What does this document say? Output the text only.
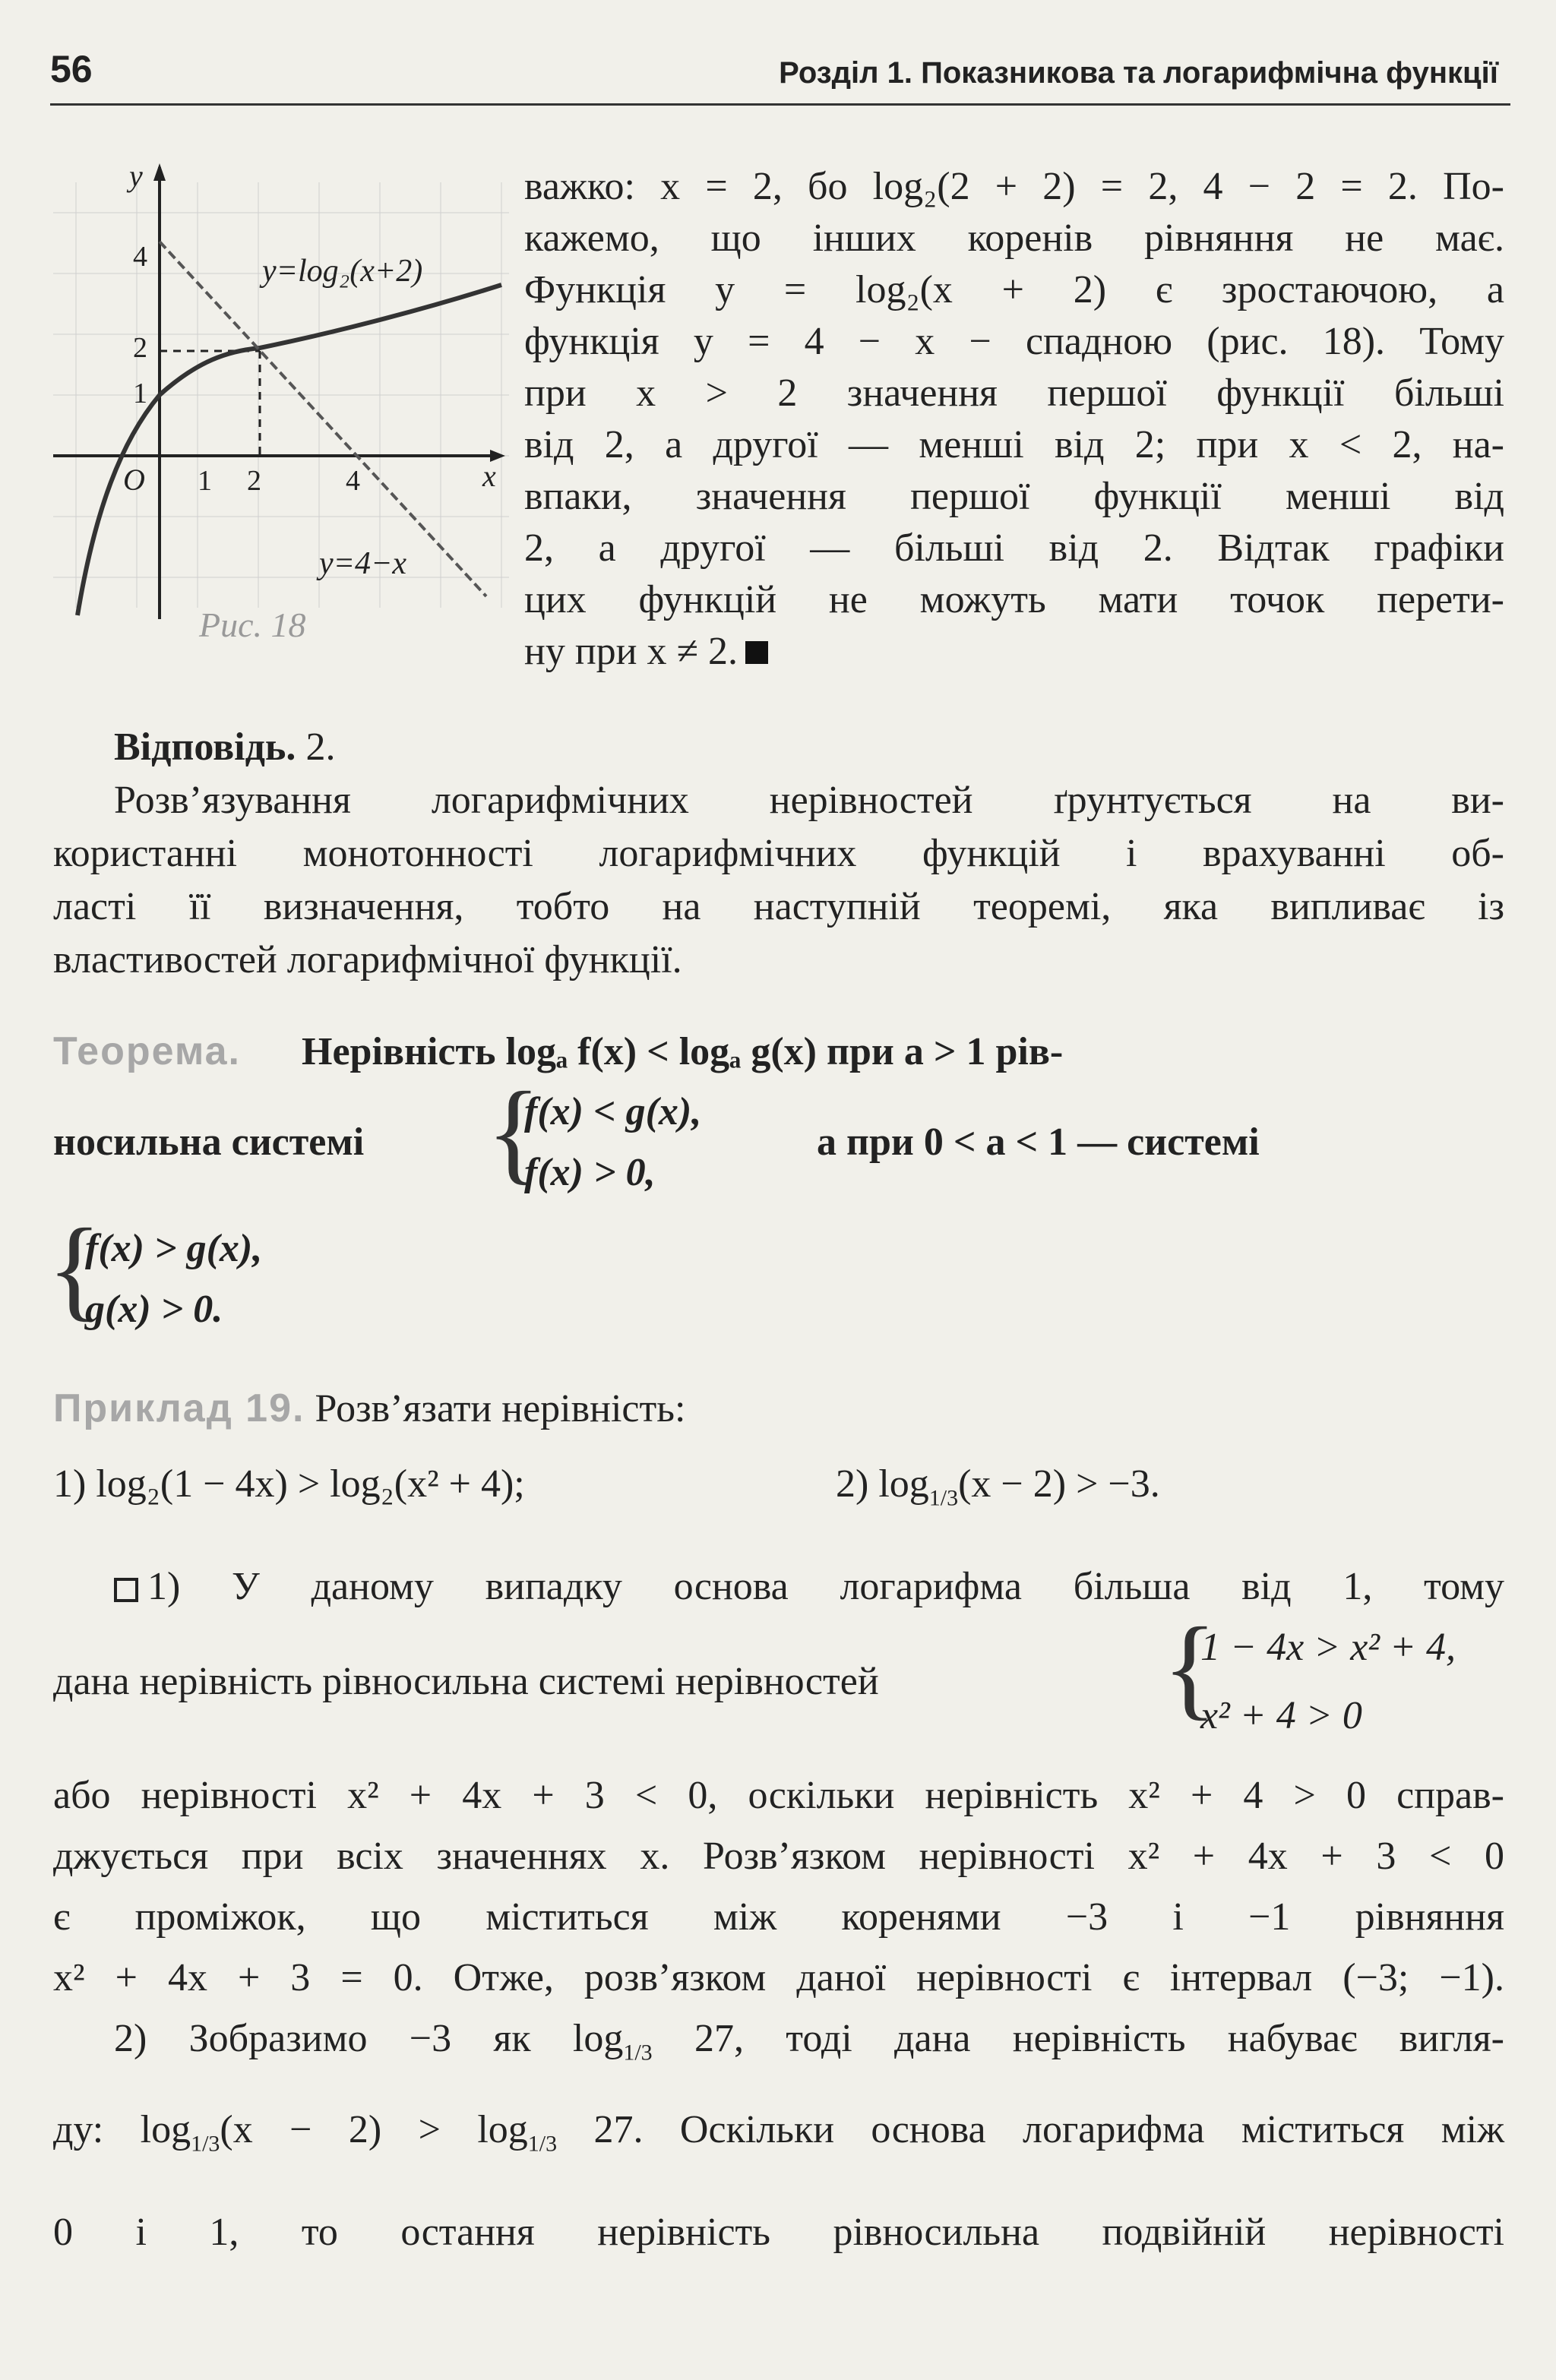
56	Розділ 1. Показникова та логарифмічна функції
y
x
O 1 2	4
1
2
4	y=log₂(x+2)
y=4−x
Рис. 18

важко: x = 2, бо log₂(2 + 2) = 2, 4 − 2 = 2. По-

кажемо, що інших коренів рівняння не має.

Функція y = log₂(x + 2) є зростаючою, а

функція y = 4 − x − спадною (рис. 18). Тому

при x > 2 значення першої функції більші

від 2, а другої — менші від 2; при x < 2, на-

впаки, значення першої функції менші від

2, а другої — більші від 2. Відтак графіки

цих функцій не можуть мати точок перети-

ну при x ≠ 2.

Відповідь. 2.

Розв’язування логарифмічних нерівностей ґрунтується на ви-

користанні монотонності логарифмічних функцій і врахуванні об-

ласті її визначення, тобто на наступній теоремі, яка випливає із

властивостей логарифмічної функції.

Теорема. Нерівність logₐ f(x) < logₐ g(x) при a > 1 рів-

носильна системі {

f(x) < g(x),

f(x) > 0,

а при 0 < a < 1 — системі

{

f(x) > g(x),

g(x) > 0.

Приклад 19. Розв’язати нерівність:

1) log₂(1 − 4x) > log₂(x² + 4);	2) $\log_{1/3}(x - 2) > -3$.

1) У даному випадку основа логарифма більша від 1, тому

дана нерівність рівносильна системі нерівностей {

1 − 4x > x² + 4,

x² + 4 > 0

або нерівності x² + 4x + 3 < 0, оскільки нерівність x² + 4 > 0 справ-

джується при всіх значеннях x. Розв’язком нерівності x² + 4x + 3 < 0

є проміжок, що міститься між коренями −3 і −1 рівняння

x² + 4x + 3 = 0. Отже, розв’язком даної нерівності є інтервал (−3; −1).

2) Зобразимо −3 як $\log_{1/3} 27$, тоді дана нерівність набуває вигля-

ду: $\log_{1/3}(x - 2) > \log_{1/3} 27$. Оскільки основа логарифма міститься між

0 і 1, то остання нерівність рівносильна подвійній нерівності
